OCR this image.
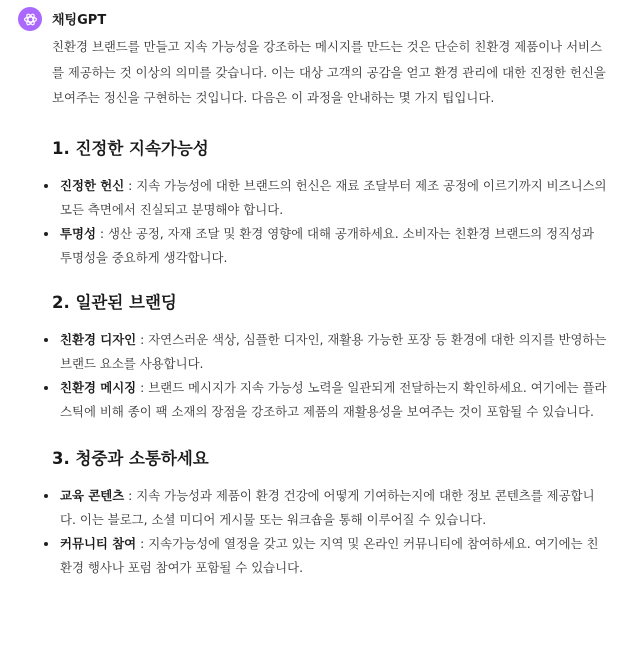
채팅GPT

친환경 브랜드를 만들고 지속 가능성을 강조하는 메시지를 만드는 것은 단순히 친환경 제품이나 서비스를 제공하는 것 이상의 의미를 갖습니다. 이는 대상 고객의 공감을 얻고 환경 관리에 대한 진정한 헌신을 보여주는 정신을 구현하는 것입니다. 다음은 이 과정을 안내하는 몇 가지 팁입니다.

1. 진정한 지속가능성
진정한 헌신 : 지속 가능성에 대한 브랜드의 헌신은 재료 조달부터 제조 공정에 이르기까지 비즈니스의 모든 측면에서 진실되고 분명해야 합니다.
투명성 : 생산 공정, 자재 조달 및 환경 영향에 대해 공개하세요. 소비자는 친환경 브랜드의 정직성과 투명성을 중요하게 생각합니다.
2. 일관된 브랜딩
친환경 디자인 : 자연스러운 색상, 심플한 디자인, 재활용 가능한 포장 등 환경에 대한 의지를 반영하는 브랜드 요소를 사용합니다.
친환경 메시징 : 브랜드 메시지가 지속 가능성 노력을 일관되게 전달하는지 확인하세요. 여기에는 플라스틱에 비해 종이 팩 소재의 장점을 강조하고 제품의 재활용성을 보여주는 것이 포함될 수 있습니다.
3. 청중과 소통하세요
교육 콘텐츠 : 지속 가능성과 제품이 환경 건강에 어떻게 기여하는지에 대한 정보 콘텐츠를 제공합니다. 이는 블로그, 소셜 미디어 게시물 또는 워크숍을 통해 이루어질 수 있습니다.
커뮤니티 참여 : 지속가능성에 열정을 갖고 있는 지역 및 온라인 커뮤니티에 참여하세요. 여기에는 친환경 행사나 포럼 참여가 포함될 수 있습니다.
